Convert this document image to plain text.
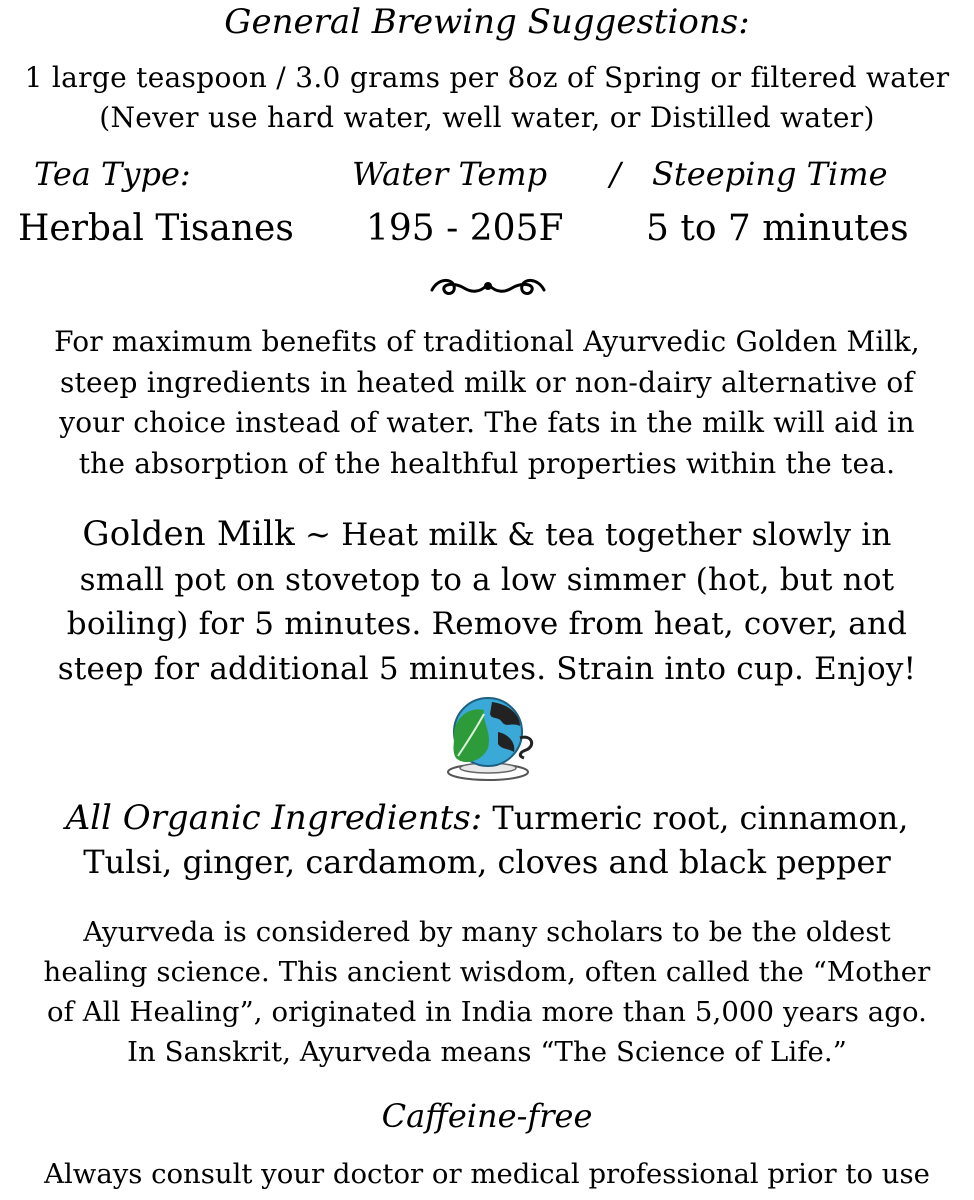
General Brewing Suggestions:
1 large teaspoon / 3.0 grams per 8oz of Spring or filtered water
(Never use hard water, well water, or Distilled water)
Tea Type:	Water Temp / Steeping Time
Herbal Tisanes 195 - 205F 5 to 7 minutes
For maximum benefits of traditional Ayurvedic Golden Milk,
steep ingredients in heated milk or non-dairy alternative of
your choice instead of water. The fats in the milk will aid in
the absorption of the healthful properties within the tea.
Golden Milk ~ Heat milk & tea together slowly in
small pot on stovetop to a low simmer (hot, but not
boiling) for 5 minutes. Remove from heat, cover, and
steep for additional 5 minutes. Strain into cup. Enjoy!
All Organic Ingredients: Turmeric root, cinnamon,
Tulsi, ginger, cardamom, cloves and black pepper
Ayurveda is considered by many scholars to be the oldest
healing science. This ancient wisdom, often called the “Mother
of All Healing”, originated in India more than 5,000 years ago.
In Sanskrit, Ayurveda means “The Science of Life.”
Caffeine-free
Always consult your doctor or medical professional prior to use
